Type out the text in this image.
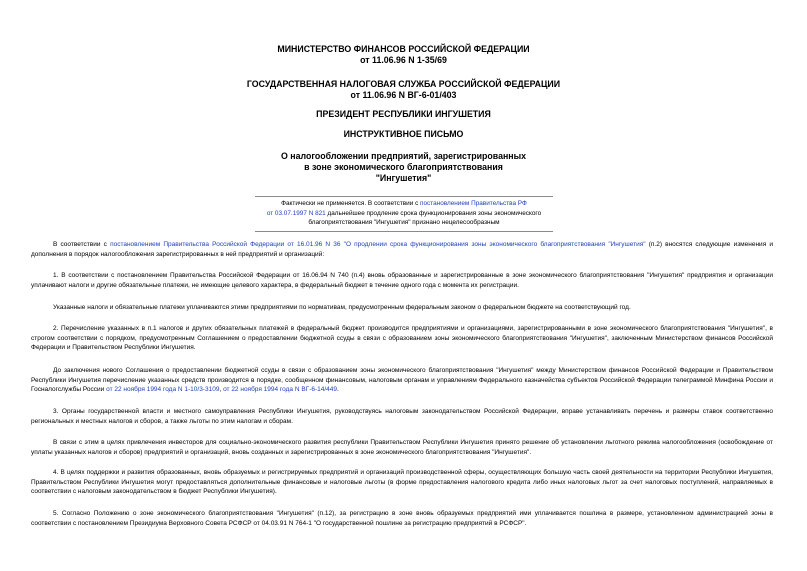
МИНИСТЕРСТВО ФИНАНСОВ РОССИЙСКОЙ ФЕДЕРАЦИИ
от 11.06.96 N 1-35/69
ГОСУДАРСТВЕННАЯ НАЛОГОВАЯ СЛУЖБА РОССИЙСКОЙ ФЕДЕРАЦИИ
от 11.06.96 N ВГ-6-01/403
ПРЕЗИДЕНТ РЕСПУБЛИКИ ИНГУШЕТИЯ
ИНСТРУКТИВНОЕ ПИСЬМО
О налогообложении предприятий, зарегистрированных
в зоне экономического благоприятствования
"Ингушетия"
Фактически не применяется. В соответствии с постановлением Правительства РФ
от 03.07.1997 N 821 дальнейшее продление срока функционирования зоны экономического благоприятствования "Ингушетия" признано нецелесообразным
В соответствии с постановлением Правительства Российской Федерации от 16.01.96 N 36 "О продлении срока функционирования зоны экономического благоприятствования "Ингушетия" (п.2) вносятся следующие изменения и дополнения в порядок налогообложения зарегистрированных в ней предприятий и организаций:
1. В соответствии с постановлением Правительства Российской Федерации от 16.06.94 N 740 (п.4) вновь образованные и зарегистрированные в зоне экономического благоприятствования "Ингушетия" предприятия и организации уплачивают налоги и другие обязательные платежи, не имеющие целевого характера, в федеральный бюджет в течение одного года с момента их регистрации.
Указанные налоги и обязательные платежи уплачиваются этими предприятиями по нормативам, предусмотренным федеральным законом о федеральном бюджете на соответствующий год.
2. Перечисление указанных в п.1 налогов и других обязательных платежей в федеральный бюджет производится предприятиями и организациями, зарегистрированными в зоне экономического благоприятствования "Ингушетия", в строгом соответствии с порядком, предусмотренным Соглашением о предоставлении бюджетной ссуды в связи с образованием зоны экономического благоприятствования "Ингушетия", заключенным Министерством финансов Российской Федерации и Правительством Республики Ингушетия.
До заключения нового Соглашения о предоставлении бюджетной ссуды в связи с образованием зоны экономического благоприятствования "Ингушетия" между Министерством финансов Российской Федерации и Правительством Республики Ингушетия перечисление указанных средств производится в порядке, сообщенном финансовым, налоговым органам и управлениям Федерального казначейства субъектов Российской Федерации телеграммой Минфина России и Госналогслужбы России от 22 ноября 1994 года N 1-10/3-3109, от 22 ноября 1994 года N ВГ-6-14/449.
3. Органы государственной власти и местного самоуправления Республики Ингушетия, руководствуясь налоговым законодательством Российской Федерации, вправе устанавливать перечень и размеры ставок соответственно региональных и местных налогов и сборов, а также льготы по этим налогам и сборам.
В связи с этим в целях привлечения инвесторов для социально-экономического развития республики Правительством Республики Ингушетия принято решение об установлении льготного режима налогообложения (освобождение от уплаты указанных налогов и сборов) предприятий и организаций, вновь созданных и зарегистрированных в зоне экономического благоприятствования "Ингушетия".
4. В целях поддержки и развития образованных, вновь образуемых и регистрируемых предприятий и организаций производственной сферы, осуществляющих большую часть своей деятельности на территории Республики Ингушетия, Правительством Республики Ингушетия могут предоставляться дополнительные финансовые и налоговые льготы (в форме предоставления налогового кредита либо иных налоговых льгот за счет налоговых поступлений, направляемых в соответствии с налоговым законодательством в бюджет Республики Ингушетия).
5. Согласно Положению о зоне экономического благоприятствования "Ингушетия" (п.12), за регистрацию в зоне вновь образуемых предприятий ими уплачивается пошлина в размере, установленном администрацией зоны в соответствии с постановлением Президиума Верховного Совета РСФСР от 04.03.91 N 764-1 "О государственной пошлине за регистрацию предприятий в РСФСР".
